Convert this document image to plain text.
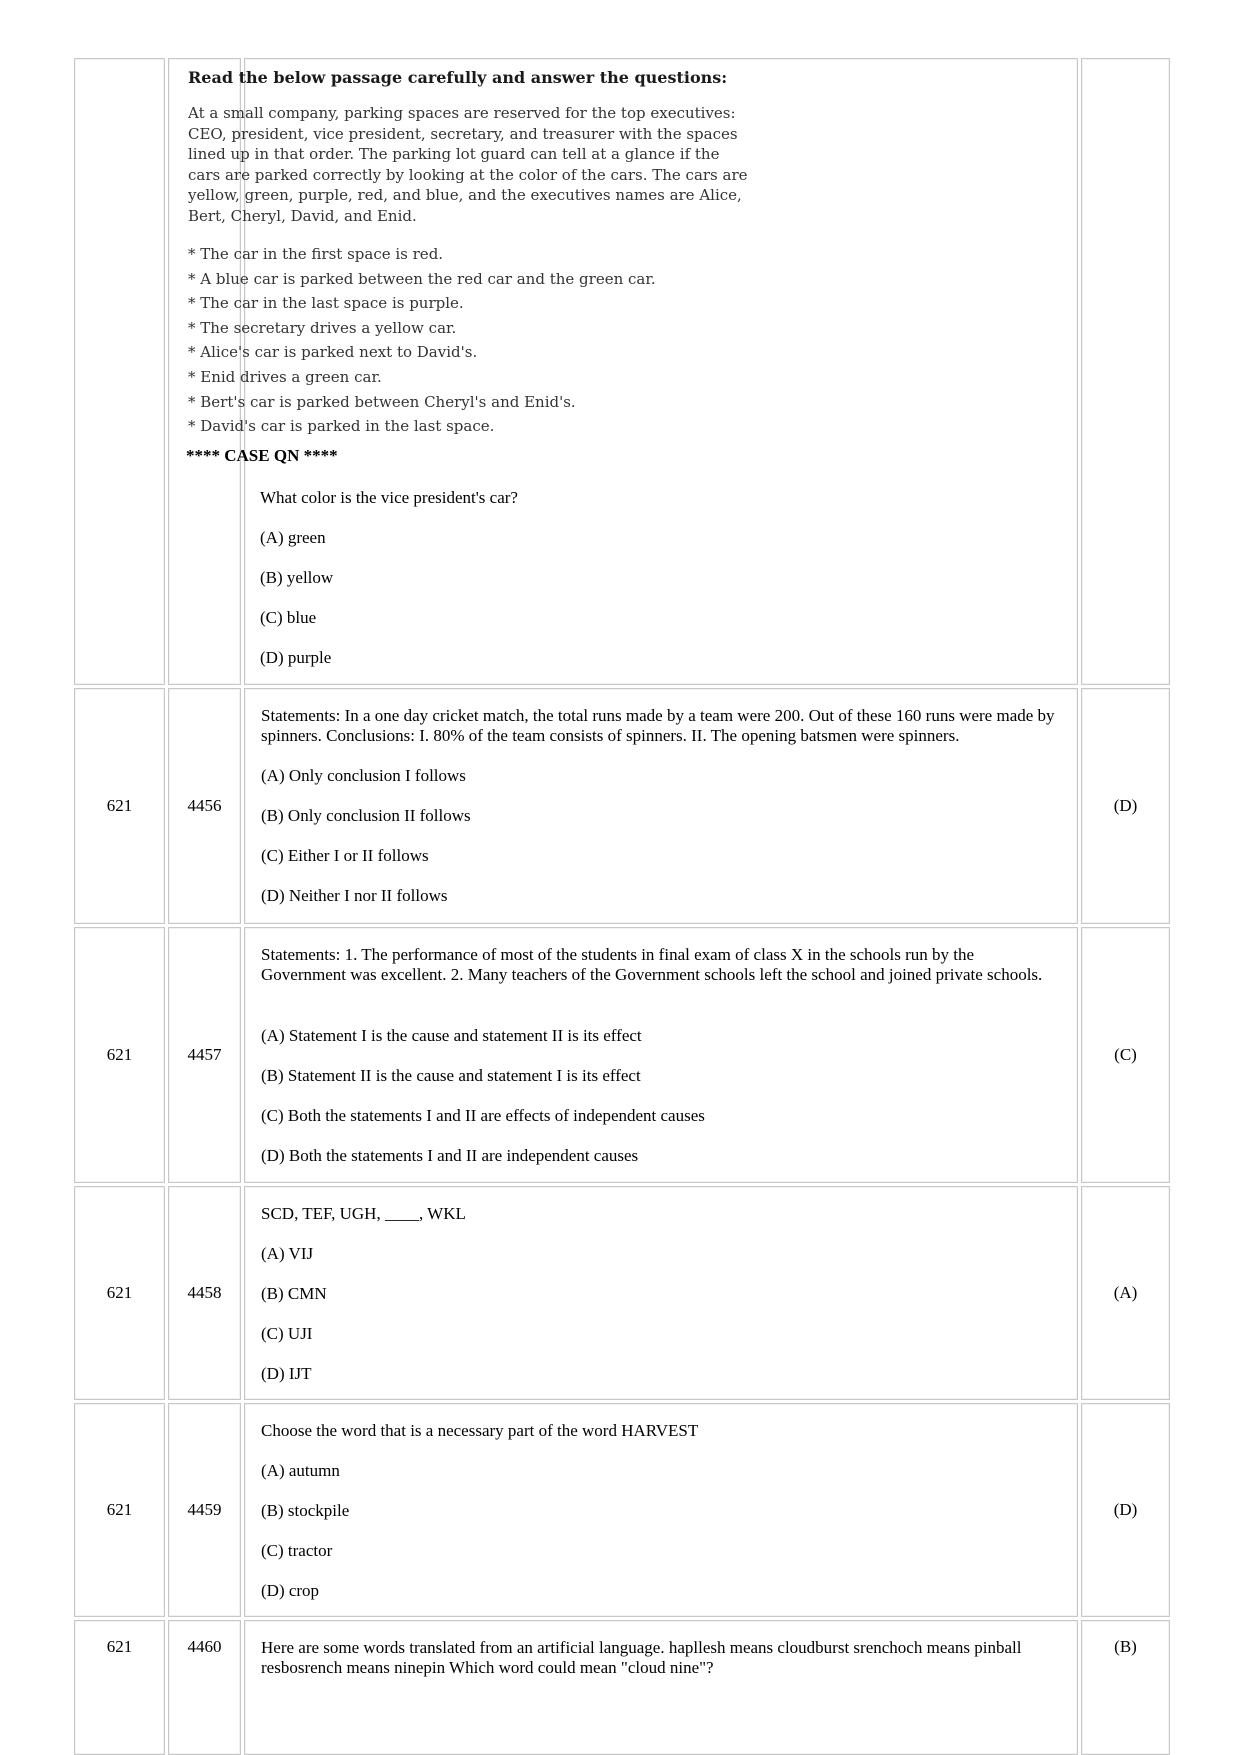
Read the below passage carefully and answer the questions:

At a small company, parking spaces are reserved for the top executives: CEO, president, vice president, secretary, and treasurer with the spaces lined up in that order. The parking lot guard can tell at a glance if the cars are parked correctly by looking at the color of the cars. The cars are yellow, green, purple, red, and blue, and the executives names are Alice, Bert, Cheryl, David, and Enid.

* The car in the first space is red.
* A blue car is parked between the red car and the green car.
* The car in the last space is purple.
* The secretary drives a yellow car.
* Alice's car is parked next to David's.
* Enid drives a green car.
* Bert's car is parked between Cheryl's and Enid's.
* David's car is parked in the last space.
**** CASE QN ****
What color is the vice president's car?
(A) green
(B) yellow
(C) blue
(D) purple
621	4456
Statements: In a one day cricket match, the total runs made by a team were 200. Out of these 160 runs were made by spinners. Conclusions: I. 80% of the team consists of spinners. II. The opening batsmen were spinners.
(A) Only conclusion I follows
(B) Only conclusion II follows
(C) Either I or II follows
(D) Neither I nor II follows
(D)
621	4457
Statements: 1. The performance of most of the students in final exam of class X in the schools run by the Government was excellent. 2. Many teachers of the Government schools left the school and joined private schools.
(A) Statement I is the cause and statement II is its effect
(B) Statement II is the cause and statement I is its effect
(C) Both the statements I and II are effects of independent causes
(D) Both the statements I and II are independent causes
(C)
621	4458
SCD, TEF, UGH, ____, WKL
(A) VIJ
(B) CMN
(C) UJI
(D) IJT
(A)
621	4459
Choose the word that is a necessary part of the word HARVEST
(A) autumn
(B) stockpile
(C) tractor
(D) crop
(D)
621	4460	Here are some words translated from an artificial language. hapllesh means cloudburst srenchoch means pinball resbosrench means ninepin Which word could mean "cloud nine"?
(B)
